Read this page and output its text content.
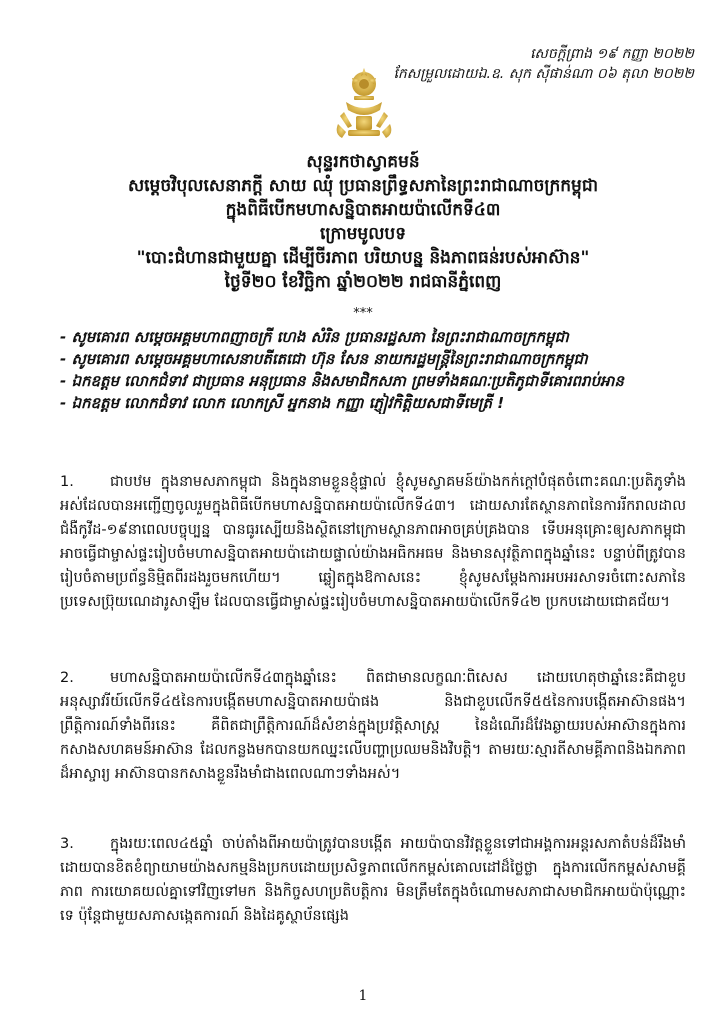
សេចក្តីព្រាង ១៩ កញ្ញា ២០២២
កែសម្រួលដោយឯ.ឧ. សុក ស៊ីផាន់ណា ០៦ តុលា ២០២២
សុន្ទរកថាស្វាគមន៍
សម្តេចវិបុលសេនាភក្តី សាយ ឈុំ ប្រធានព្រឹទ្ធសភានៃព្រះរាជាណាចក្រកម្ពុជា
ក្នុងពិធីបើកមហាសន្និបាតអាយប៉ាលើកទី៤៣
ក្រោមមូលបទ
"បោះជំហានជាមួយគ្នា ដើម្បីចីរភាព បរិយាបន្ន និងភាពធន់របស់អាស៊ាន"
ថ្ងៃទី២០ ខែវិច្ឆិកា ឆ្នាំ២០២២ រាជធានីភ្នំពេញ
***
- សូមគោរព សម្តេចអគ្គមហាពញាចក្រី ហេង សំរិន ប្រធានរដ្ឋសភា នៃព្រះរាជាណាចក្រកម្ពុជា
- សូមគោរព សម្តេចអគ្គមហាសេនាបតីតេជោ ហ៊ុន សែន នាយករដ្ឋមន្ត្រីនៃព្រះរាជាណាចក្រកម្ពុជា
- ឯកឧត្តម លោកជំទាវ ជាប្រធាន អនុប្រធាន និងសមាជិកសភា ព្រមទាំងគណៈប្រតិភូជាទីគោរពរាប់អាន
- ឯកឧត្តម លោកជំទាវ លោក លោកស្រី អ្នកនាង កញ្ញា ភ្ញៀវកិត្តិយសជាទីមេត្រី !
1. ជាបឋម ក្នុងនាមសភាកម្ពុជា និងក្នុងនាមខ្លួនខ្ញុំផ្ទាល់ ខ្ញុំសូមស្វាគមន៍យ៉ាងកក់ក្តៅបំផុតចំពោះគណៈប្រតិភូទាំងអស់ដែលបានអញ្ជើញចូលរួមក្នុងពិធីបើកមហាសន្និបាតអាយប៉ាលើកទី៤៣។ ដោយសារតែស្ថានភាពនៃការរីករាលដាលជំងឺកូវីដ-១៩នាពេលបច្ចុប្បន្ន បានធូរស្បើយនិងស្ថិតនៅក្រោមស្ថានភាពអាចគ្រប់គ្រងបាន ទើបអនុគ្រោះឲ្យសភាកម្ពុជា អាចធ្វើជាម្ចាស់ផ្ទះរៀបចំមហាសន្និបាតអាយប៉ាដោយផ្ទាល់យ៉ាងអធិកអធម និងមានសុវត្ថិភាពក្នុងឆ្នាំនេះ បន្ទាប់ពីត្រូវបានរៀបចំតាមប្រព័ន្ធនិម្មិតពីរដងរួចមកហើយ។ ឆ្លៀតក្នុងឱកាសនេះ ខ្ញុំសូមសម្តែងការអបអរសាទរចំពោះសភានៃប្រទេសប្រ៊ុយណេដារូសាឡឹម ដែលបានធ្វើជាម្ចាស់ផ្ទះរៀបចំមហាសន្និបាតអាយប៉ាលើកទី៤២ ប្រកបដោយជោគជ័យ។
2. មហាសន្និបាតអាយប៉ាលើកទី៤៣ក្នុងឆ្នាំនេះ ពិតជាមានលក្ខណៈពិសេស ដោយហេតុថាឆ្នាំនេះគឺជាខួបអនុស្សាវរីយ៍លើកទី៤៥នៃការបង្កើតមហាសន្និបាតអាយប៉ាផង និងជាខួបលើកទី៥៥នៃការបង្កើតអាស៊ានផង។ ព្រឹត្តិការណ៍ទាំងពីរនេះ គឺពិតជាព្រឹត្តិការណ៍ដ៏សំខាន់ក្នុងប្រវត្តិសាស្ត្រ នៃដំណើរដ៏វែងឆ្ងាយរបស់អាស៊ានក្នុងការកសាងសហគមន៍អាស៊ាន ដែលកន្លងមកបានយកឈ្នះលើបញ្ហាប្រឈមនិងវិបត្តិ។ តាមរយៈស្មារតីសាមគ្គីភាពនិងឯកភាពដ៏អាស្ចារ្យ អាស៊ានបានកសាងខ្លួនរឹងមាំជាងពេលណាៗទាំងអស់។
3. ក្នុងរយៈពេល៤៥ឆ្នាំ ចាប់តាំងពីអាយប៉ាត្រូវបានបង្កើត អាយប៉ាបានវិវត្តខ្លួនទៅជាអង្គការអន្តរសភាតំបន់ដ៏រឹងមាំ ដោយបានខិតខំព្យាយាមយ៉ាងសកម្មនិងប្រកបដោយប្រសិទ្ធភាពលើកកម្ពស់គោលដៅដ៏ថ្លៃថ្លា ក្នុងការលើកកម្ពស់សាមគ្គីភាព ការយោគយល់គ្នាទៅវិញទៅមក និងកិច្ចសហប្រតិបត្តិការ មិនត្រឹមតែក្នុងចំណោមសភាជាសមាជិកអាយប៉ាប៉ុណ្ណោះទេ ប៉ុន្តែជាមួយសភាសង្កេតការណ៍ និងដៃគូស្ថាប័នផ្សេង
1
